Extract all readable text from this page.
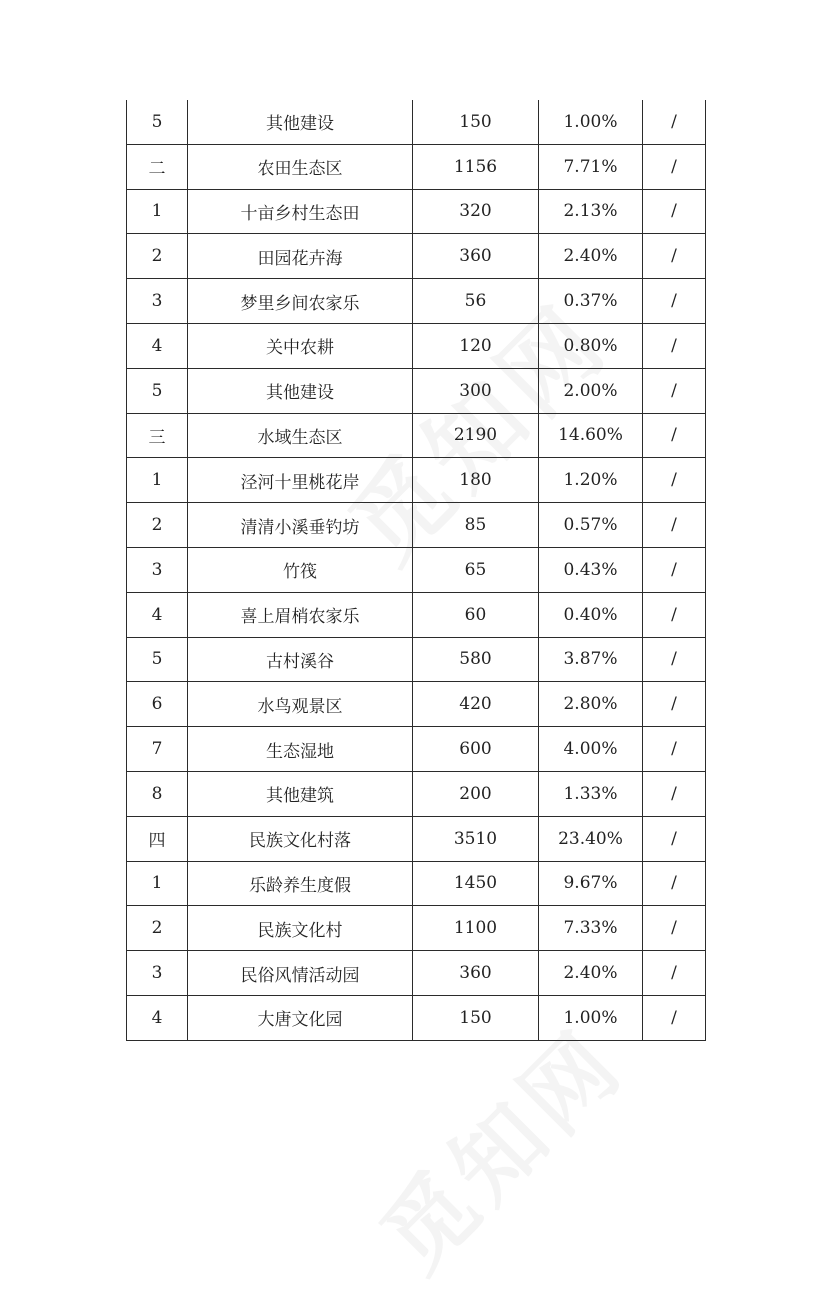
5	其他建设	150	1.00%	/
二	农田生态区	1156	7.71%	/
1	十亩乡村生态田	320	2.13%	/
2	田园花卉海	360	2.40%	/
3	梦里乡间农家乐	56	0.37%	/
4	关中农耕	120	0.80%	/
5	其他建设	300	2.00%	/
三	水域生态区	2190	14.60%	/
1	泾河十里桃花岸	180	1.20%	/
2	清清小溪垂钓坊	85	0.57%	/
3	竹筏	65	0.43%	/
4	喜上眉梢农家乐	60	0.40%	/
5	古村溪谷	580	3.87%	/
6	水鸟观景区	420	2.80%	/
7	生态湿地	600	4.00%	/
8	其他建筑	200	1.33%	/
四	民族文化村落	3510	23.40%	/
1	乐龄养生度假	1450	9.67%	/
2	民族文化村	1100	7.33%	/
3	民俗风情活动园	360	2.40%	/
4	大唐文化园	150	1.00%	/
